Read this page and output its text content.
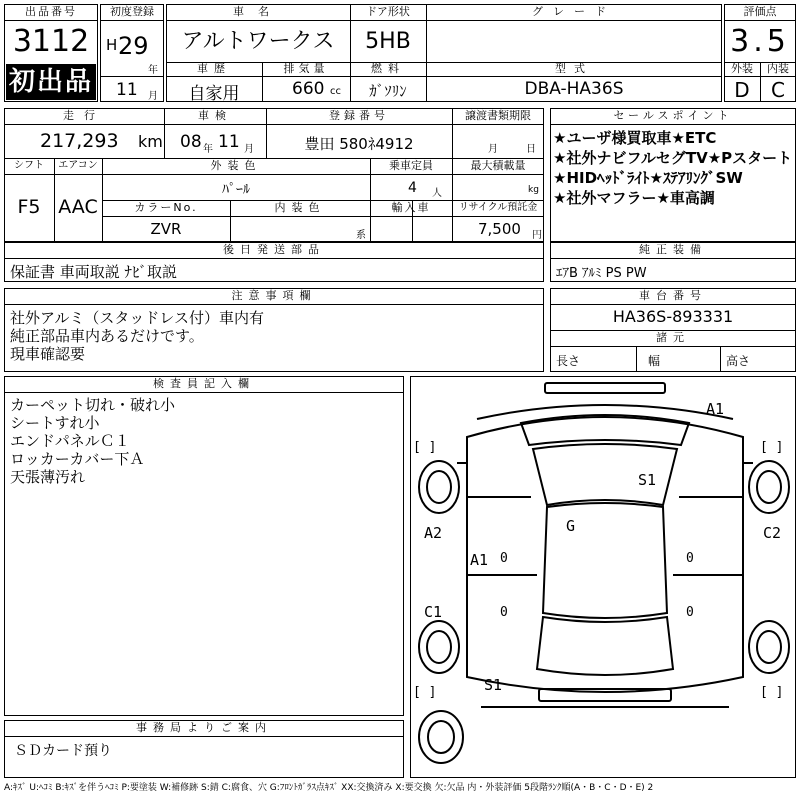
出品番号
3112
初出品
初度登録
H 29
年
11 月
車名
アルトワークス
ドア形状
5HB
グレード
車歴
自家用
排気量
660 cc
燃料
ｶﾞｿﾘﾝ
型式
DBA-HA36S
評価点
3.5
外装	内装
D	C
走行
217,293 km
車検
08 年 11 月
登録番号
豊田 580ﾈ4912
譲渡書類期限
月	日
シフト
F5
エアコン
AAC
外装色
ﾊﾟｰﾙ
乗車定員
4 人
最大積載量
kg
カラーNo.
ZVR
内装色
系
輸入車	リサイクル預託金
7,500 円
セールスポイント
★ユーザ様買取車★ETC
★社外ナビフルセグTV★Pスタート
★HIDﾍｯﾄﾞﾗｲﾄ★ｽﾃｱﾘﾝｸﾞSW
★社外マフラー★車高調
後日発送部品
保証書 車両取説 ﾅﾋﾞ取説
純正装備
ｴｱB ｱﾙﾐ PS PW
注意事項欄
社外アルミ（スタッドレス付）車内有
純正部品車内あるだけです。
現車確認要
車台番号
HA36S-893331
諸元
長さ	幅	高さ
検査員記入欄
カーペット切れ・破れ小
シートすれ小
エンドパネルＣ１
ロッカーカバー下Ａ
天張薄汚れ
事務局よりご案内
ＳＤカード預り
A1
S1
G
A2	C2
A1
C1
S1
0	0
0	0
[ ]	[ ]
[ ]	[ ]
A:ｷｽﾞ U:ﾍｺﾐ B:ｷｽﾞを伴うﾍｺﾐ P:要塗装 W:補修跡 S:錆 C:腐食、穴 G:ﾌﾛﾝﾄｶﾞﾗｽ点ｷｽﾞ XX:交換済み X:要交換 欠:欠品 内・外装評価 5段階ﾗﾝｸ順(A・B・C・D・E) 2
